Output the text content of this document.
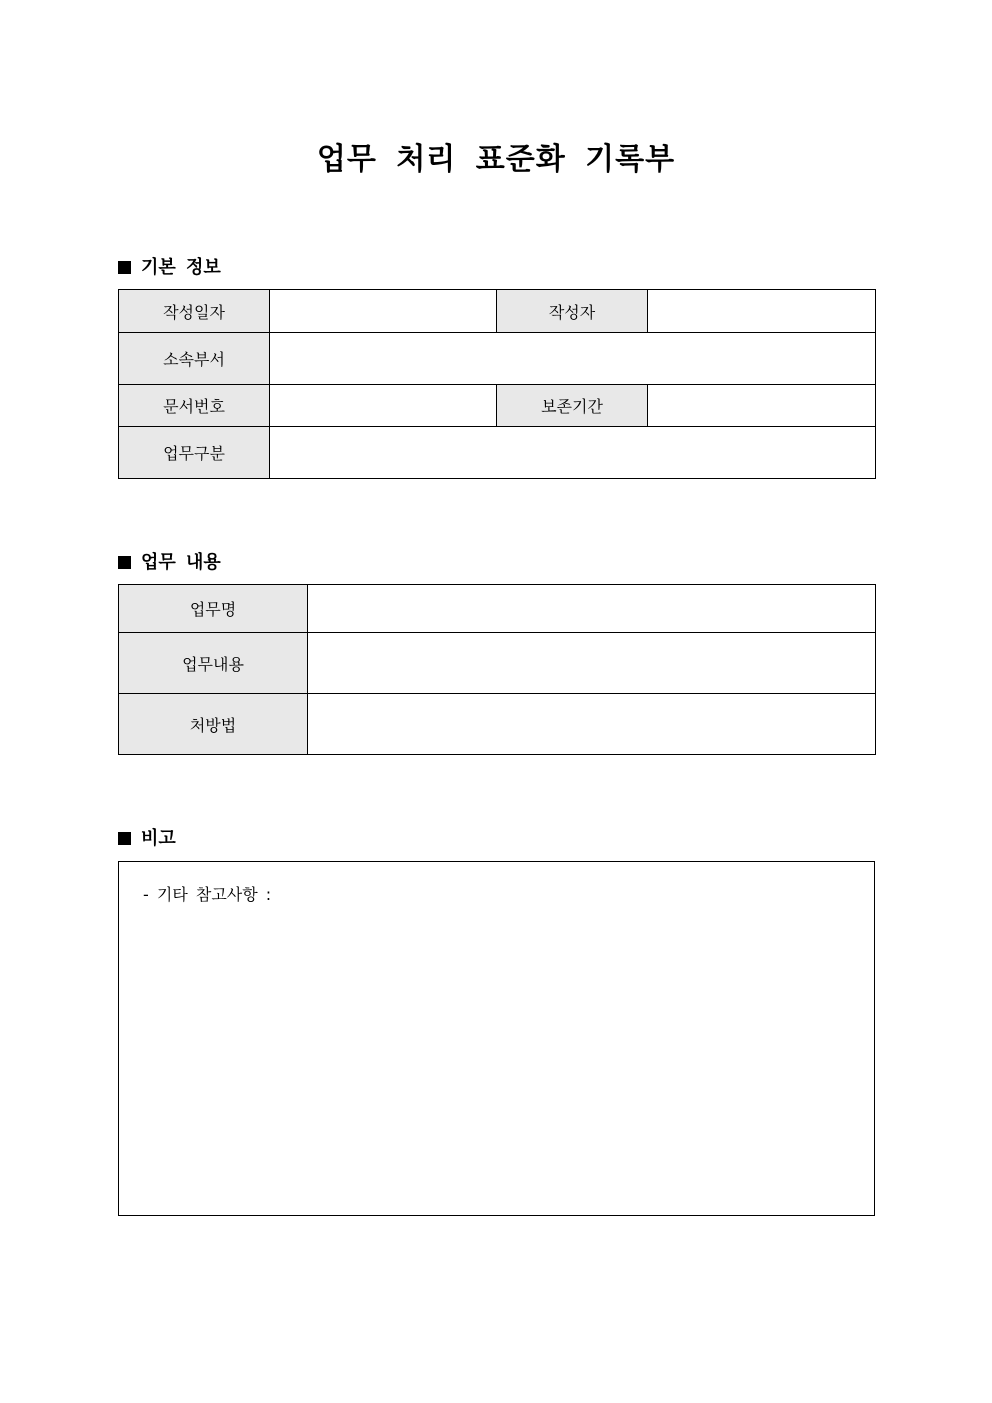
업무 처리 표준화 기록부
기본 정보
작성일자		작성자	
소속부서			
문서번호		보존기간	
업무구분			
업무 내용
업무명	
업무내용	
처방법	
비고
- 기타 참고사항 :
